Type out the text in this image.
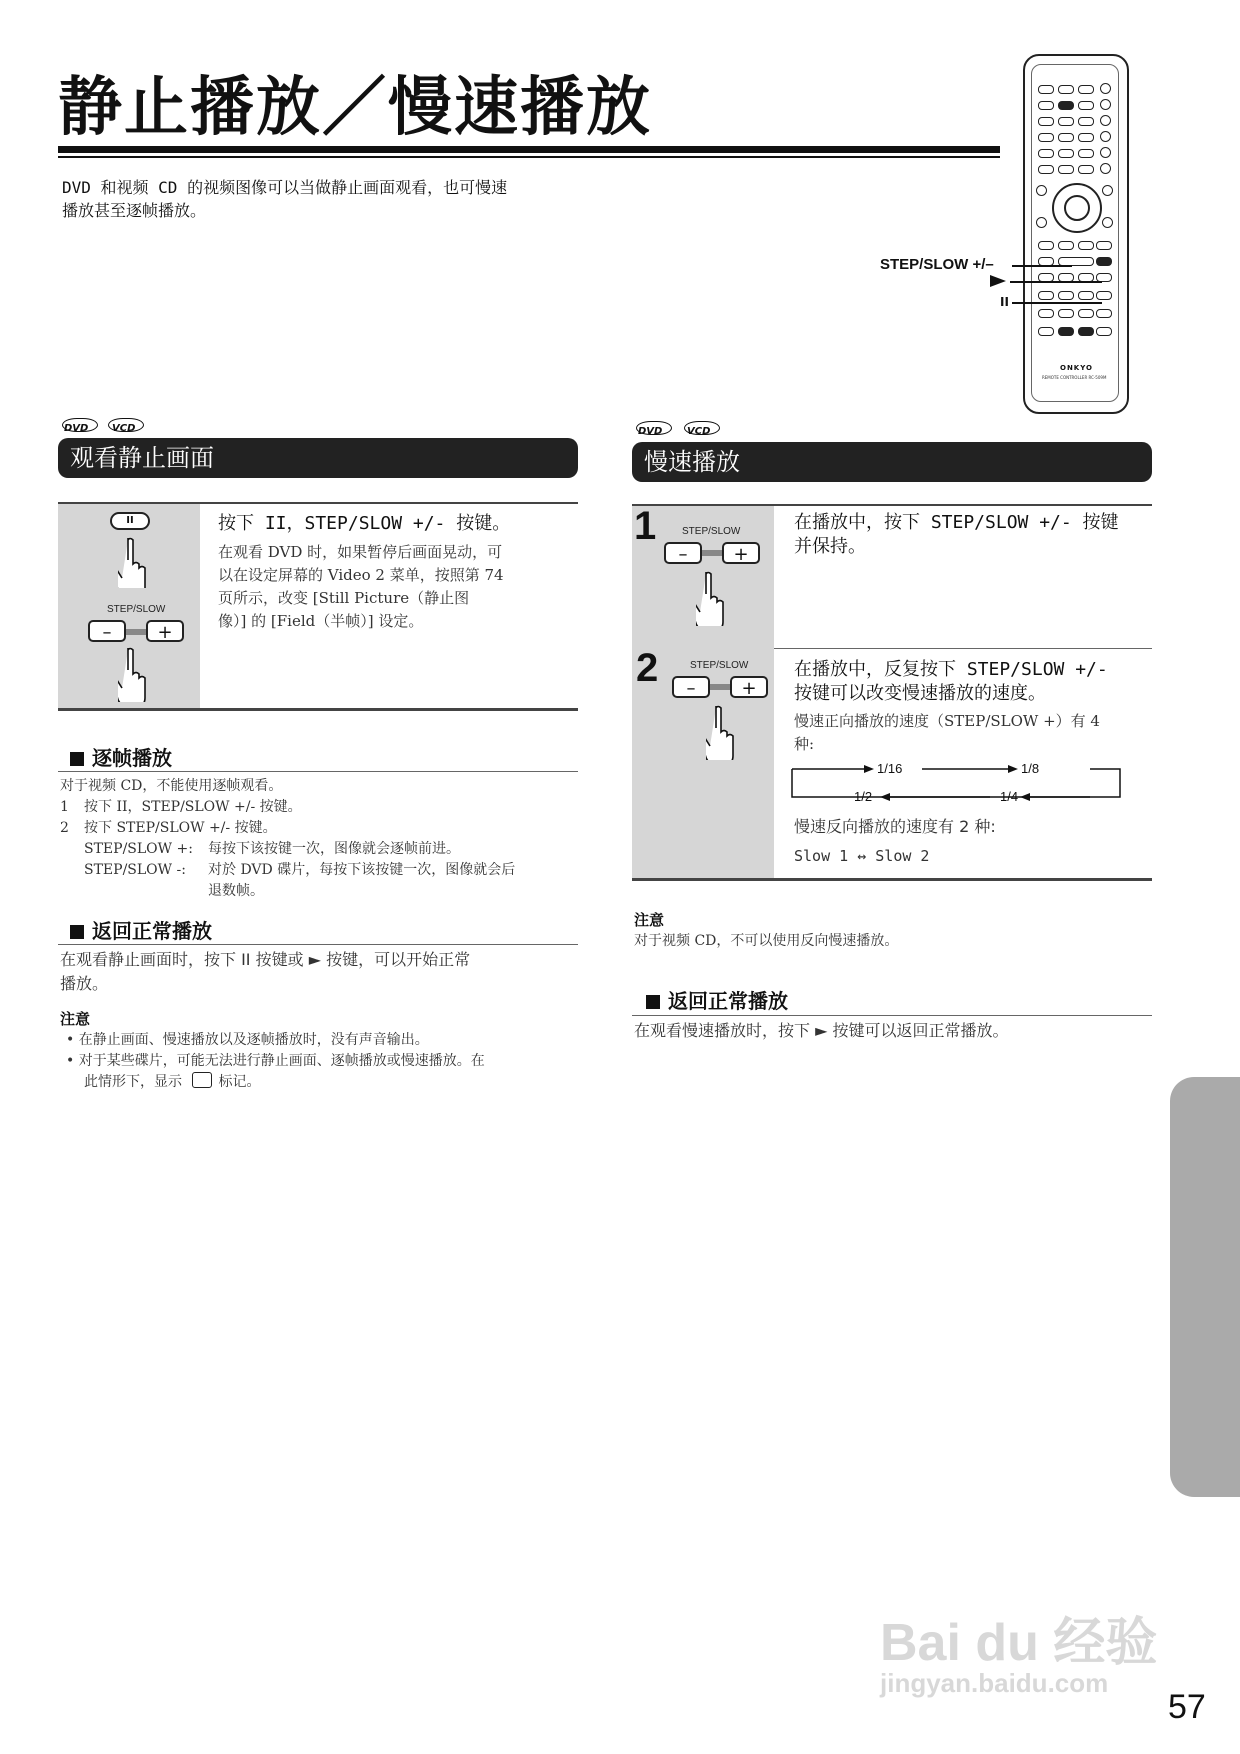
静止播放／慢速播放
DVD 和视频 CD 的视频图像可以当做静止画面观看，也可慢速
播放甚至逐帧播放。
ONKYO
REMOTE CONTROLLER RC-509M
STEP/SLOW +/–
II
DVD VCD
观看静止画面
II
STEP/SLOW
–	+
按下 II，STEP/SLOW +/- 按键。
在观看 DVD 时，如果暂停后画面晃动，可
以在设定屏幕的 Video 2 菜单，按照第 74
页所示，改变 [Still Picture（静止图
像）] 的 [Field（半帧）] 设定。
逐帧播放
对于视频 CD，不能使用逐帧观看。
1	按下 II，STEP/SLOW +/- 按键。
2	按下 STEP/SLOW +/- 按键。
STEP/SLOW +:	每按下该按键一次，图像就会逐帧前进。
STEP/SLOW -:	对於 DVD 碟片，每按下该按键一次，图像就会后
退数帧。
返回正常播放
在观看静止画面时，按下 II 按键或 ► 按键，可以开始正常
播放。
注意
• 在静止画面、慢速播放以及逐帧播放时，没有声音输出。
• 对于某些碟片，可能无法进行静止画面、逐帧播放或慢速播放。在
此情形下，显示	标记。
DVD VCD
慢速播放
1	STEP/SLOW
–	+
在播放中，按下 STEP/SLOW +/- 按键
并保持。
2	STEP/SLOW
–	+
在播放中，反复按下 STEP/SLOW +/-
按键可以改变慢速播放的速度。
慢速正向播放的速度（STEP/SLOW +）有 4
种:
1/16	1/8
1/2	1/4
慢速反向播放的速度有 2 种:
Slow 1 ↔ Slow 2
注意
对于视频 CD，不可以使用反向慢速播放。
返回正常播放
在观看慢速播放时，按下 ► 按键可以返回正常播放。
Bai du 经验
jingyan.baidu.com
57
